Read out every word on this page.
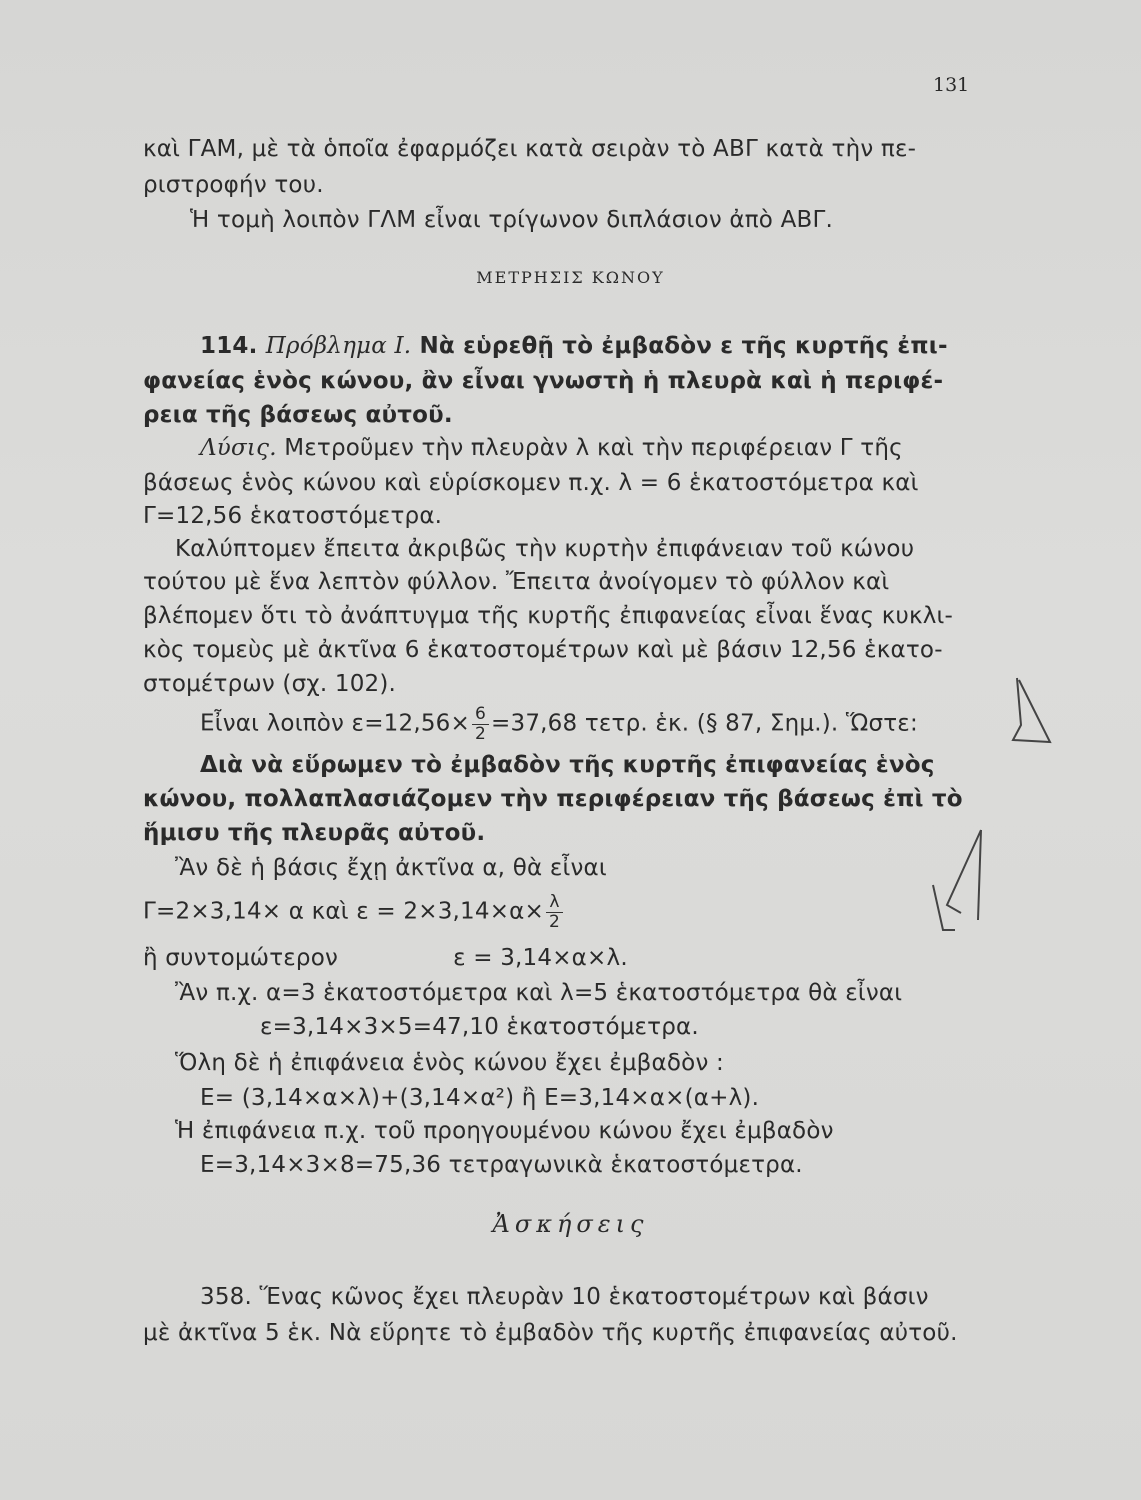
131
καὶ ΓΑΜ, μὲ τὰ ὁποῖα ἐφαρμόζει κατὰ σειρὰν τὸ ΑΒΓ κατὰ τὴν πε-
ριστροφήν του.
Ἡ τομὴ λοιπὸν ΓΛΜ εἶναι τρίγωνον διπλάσιον ἀπὸ ΑΒΓ.
ΜΕΤΡΗΣΙΣ ΚΩΝΟΥ
114. Πρόβλημα Ι. Νὰ εὑρεθῇ τὸ ἐμβαδὸν ε τῆς κυρτῆς ἐπι-
φανείας ἑνὸς κώνου, ἂν εἶναι γνωστὴ ἡ πλευρὰ καὶ ἡ περιφέ-
ρεια τῆς βάσεως αὐτοῦ.
Λύσις. Μετροῦμεν τὴν πλευρὰν λ καὶ τὴν περιφέρειαν Γ τῆς
βάσεως ἑνὸς κώνου καὶ εὑρίσκομεν π.χ. λ = 6 ἑκατοστόμετρα καὶ
Γ=12,56 ἑκατοστόμετρα.
Καλύπτομεν ἔπειτα ἀκριβῶς τὴν κυρτὴν ἐπιφάνειαν τοῦ κώνου
τούτου μὲ ἕνα λεπτὸν φύλλον. Ἔπειτα ἀνοίγομεν τὸ φύλλον καὶ
βλέπομεν ὅτι τὸ ἀνάπτυγμα τῆς κυρτῆς ἐπιφανείας εἶναι ἕνας κυκλι-
κὸς τομεὺς μὲ ἀκτῖνα 6 ἑκατοστομέτρων καὶ μὲ βάσιν 12,56 ἑκατο-
στομέτρων (σχ. 102).
Εἶναι λοιπὸν $\varepsilon=12,56\times \frac{6}{2} =37,68$ τετρ. ἑκ. (§ 87, Σημ.). Ὥστε:
Διὰ νὰ εὕρωμεν τὸ ἐμβαδὸν τῆς κυρτῆς ἐπιφανείας ἑνὸς
κώνου, πολλαπλασιάζομεν τὴν περιφέρειαν τῆς βάσεως ἐπὶ τὸ
ἥμισυ τῆς πλευρᾶς αὐτοῦ.
Ἂν δὲ ἡ βάσις ἔχῃ ἀκτῖνα α, θὰ εἶναι
Γ=2×3,14× α καὶ $\varepsilon = 2\times 3,14\times\alpha\times \frac{\lambda}{2}$
ἢ συντομώτερον	ε = 3,14×α×λ.
Ἂν π.χ. α=3 ἑκατοστόμετρα καὶ λ=5 ἑκατοστόμετρα θὰ εἶναι
ε=3,14×3×5=47,10 ἑκατοστόμετρα.
Ὅλη δὲ ἡ ἐπιφάνεια ἑνὸς κώνου ἔχει ἐμβαδὸν :
Ε= (3,14×α×λ)+(3,14×α²) ἢ Ε=3,14×α×(α+λ).
Ἡ ἐπιφάνεια π.χ. τοῦ προηγουμένου κώνου ἔχει ἐμβαδὸν
Ε=3,14×3×8=75,36 τετραγωνικὰ ἑκατοστόμετρα.
Ἀσκήσεις
358. Ἕνας κῶνος ἔχει πλευρὰν 10 ἑκατοστομέτρων καὶ βάσιν
μὲ ἀκτῖνα 5 ἑκ. Νὰ εὕρητε τὸ ἐμβαδὸν τῆς κυρτῆς ἐπιφανείας αὐτοῦ.
